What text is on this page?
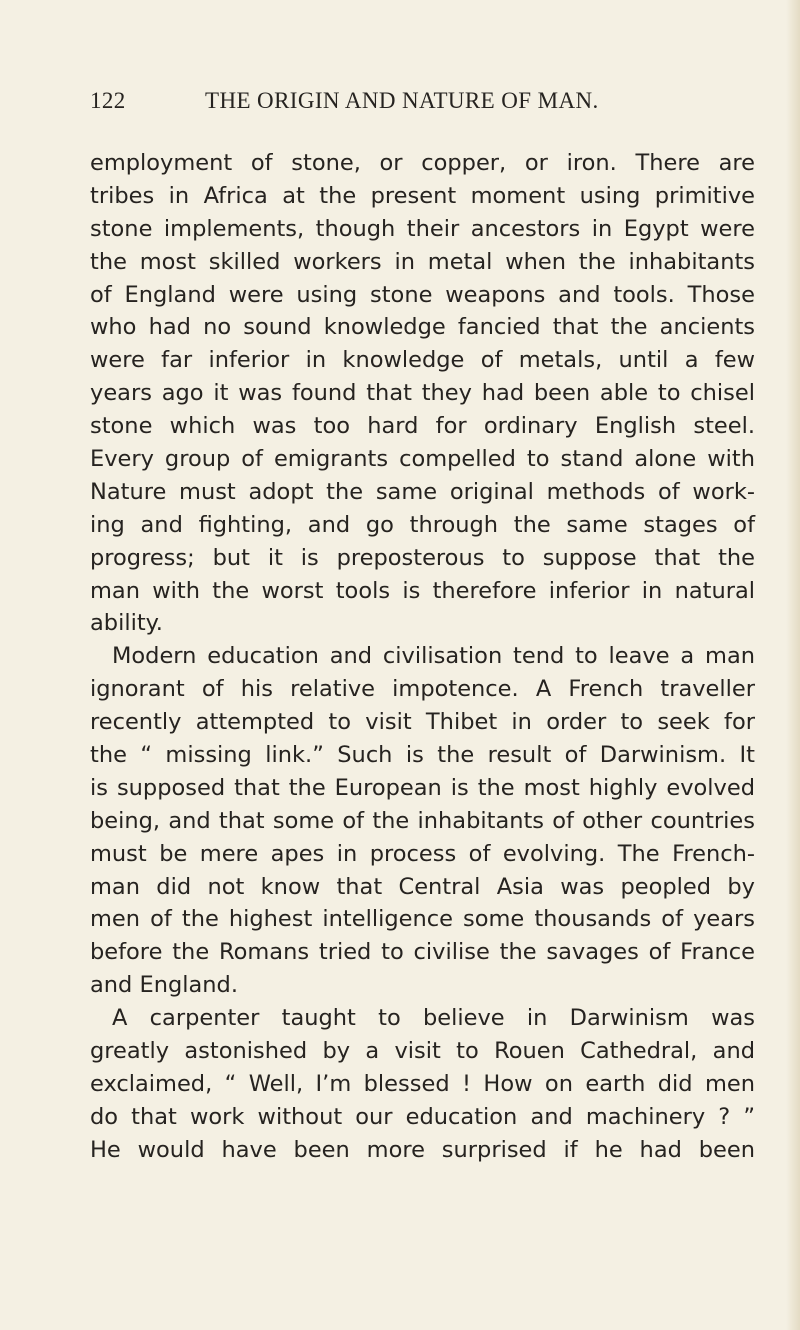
122	THE ORIGIN AND NATURE OF MAN.
employment of stone, or copper, or iron. There are
tribes in Africa at the present moment using primitive
stone implements, though their ancestors in Egypt were
the most skilled workers in metal when the inhabitants
of England were using stone weapons and tools. Those
who had no sound knowledge fancied that the ancients
were far inferior in knowledge of metals, until a few
years ago it was found that they had been able to chisel
stone which was too hard for ordinary English steel.
Every group of emigrants compelled to stand alone with
Nature must adopt the same original methods of work-
ing and fighting, and go through the same stages of
progress; but it is preposterous to suppose that the
man with the worst tools is therefore inferior in natural
ability.
Modern education and civilisation tend to leave a man
ignorant of his relative impotence. A French traveller
recently attempted to visit Thibet in order to seek for
the “ missing link.” Such is the result of Darwinism. It
is supposed that the European is the most highly evolved
being, and that some of the inhabitants of other countries
must be mere apes in process of evolving. The French-
man did not know that Central Asia was peopled by
men of the highest intelligence some thousands of years
before the Romans tried to civilise the savages of France
and England.
A carpenter taught to believe in Darwinism was
greatly astonished by a visit to Rouen Cathedral, and
exclaimed, “ Well, I’m blessed ! How on earth did men
do that work without our education and machinery ? ”
He would have been more surprised if he had been
